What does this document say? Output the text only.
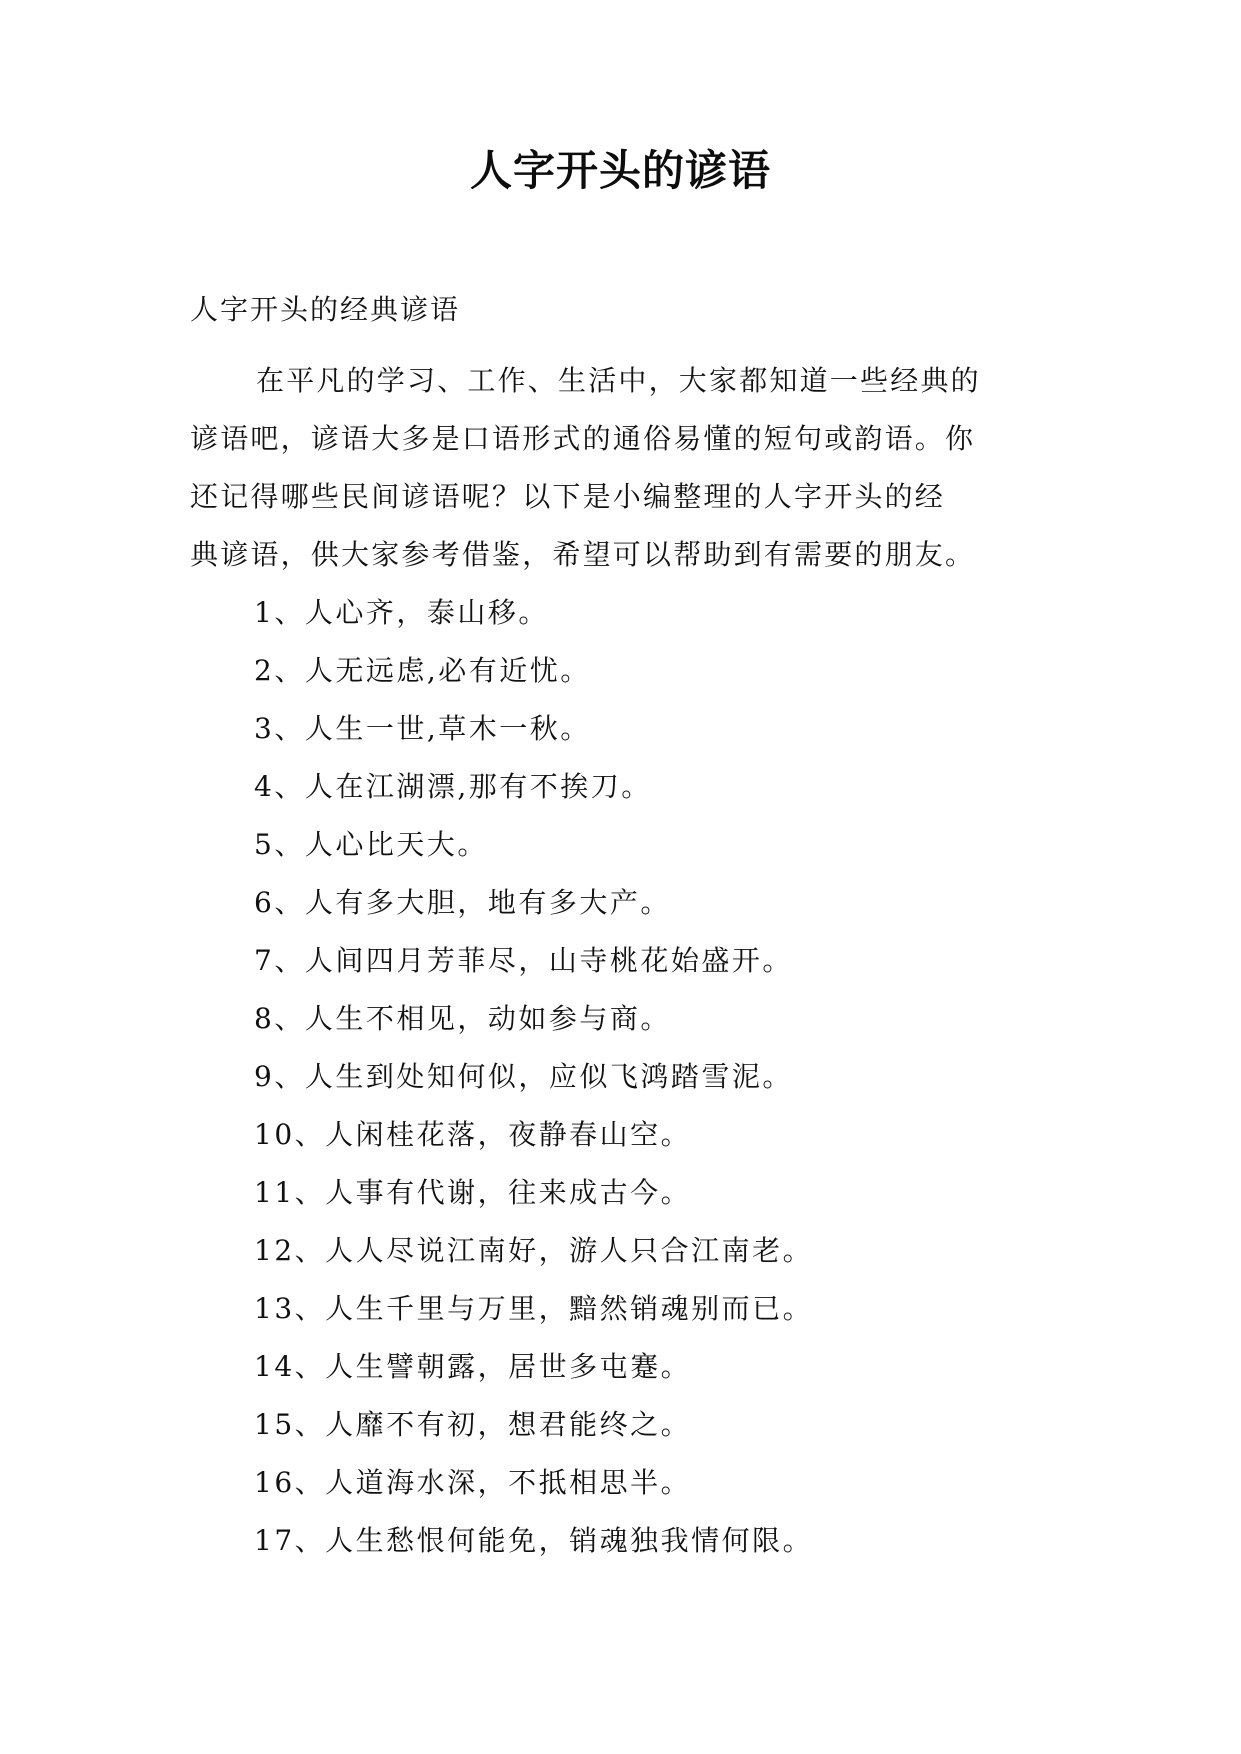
人字开头的谚语
人字开头的经典谚语
在平凡的学习、工作、生活中，大家都知道一些经典的
谚语吧，谚语大多是口语形式的通俗易懂的短句或韵语。你
还记得哪些民间谚语呢？以下是小编整理的人字开头的经
典谚语，供大家参考借鉴，希望可以帮助到有需要的朋友。
1、人心齐，泰山移。
2、人无远虑,必有近忧。
3、人生一世,草木一秋。
4、人在江湖漂,那有不挨刀。
5、人心比天大。
6、人有多大胆，地有多大产。
7、人间四月芳菲尽，山寺桃花始盛开。
8、人生不相见，动如参与商。
9、人生到处知何似，应似飞鸿踏雪泥。
10、人闲桂花落，夜静春山空。
11、人事有代谢，往来成古今。
12、人人尽说江南好，游人只合江南老。
13、人生千里与万里，黯然销魂别而已。
14、人生譬朝露，居世多屯蹇。
15、人靡不有初，想君能终之。
16、人道海水深，不抵相思半。
17、人生愁恨何能免，销魂独我情何限。
